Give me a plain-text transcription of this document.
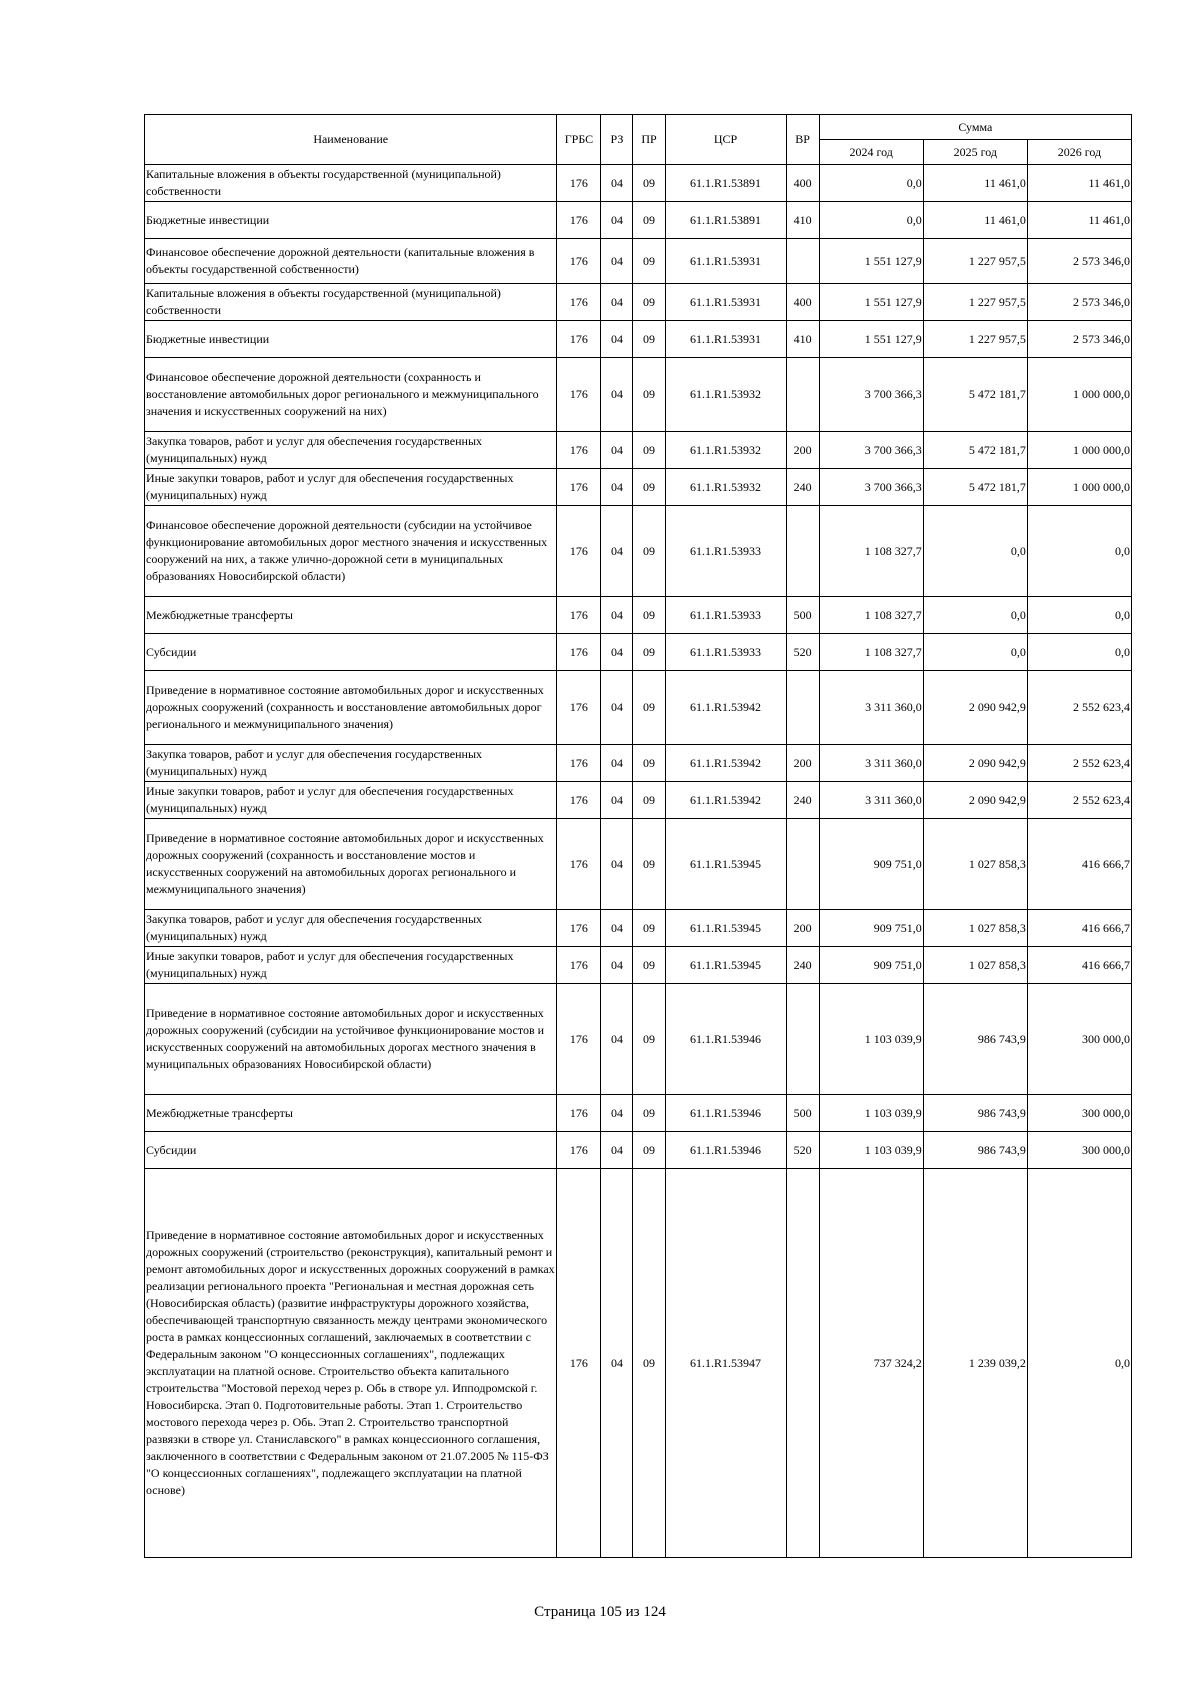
Наименование	ГРБС	РЗ	ПР	ЦСР	ВР	Сумма		
						2024 год	2025 год	2026 год
Капитальные вложения в объекты государственной (муниципальной) собственности	176	04	09	61.1.R1.53891	400	0,0	11 461,0	11 461,0
Бюджетные инвестиции	176	04	09	61.1.R1.53891	410	0,0	11 461,0	11 461,0
Финансовое обеспечение дорожной деятельности (капитальные вложения в объекты государственной собственности)	176	04	09	61.1.R1.53931		1 551 127,9	1 227 957,5	2 573 346,0
Капитальные вложения в объекты государственной (муниципальной) собственности	176	04	09	61.1.R1.53931	400	1 551 127,9	1 227 957,5	2 573 346,0
Бюджетные инвестиции	176	04	09	61.1.R1.53931	410	1 551 127,9	1 227 957,5	2 573 346,0
Финансовое обеспечение дорожной деятельности (сохранность и восстановление автомобильных дорог регионального и межмуниципального значения и искусственных сооружений на них)	176	04	09	61.1.R1.53932		3 700 366,3	5 472 181,7	1 000 000,0
Закупка товаров, работ и услуг для обеспечения государственных (муниципальных) нужд	176	04	09	61.1.R1.53932	200	3 700 366,3	5 472 181,7	1 000 000,0
Иные закупки товаров, работ и услуг для обеспечения государственных (муниципальных) нужд	176	04	09	61.1.R1.53932	240	3 700 366,3	5 472 181,7	1 000 000,0
Финансовое обеспечение дорожной деятельности (субсидии на устойчивое функционирование автомобильных дорог местного значения и искусственных сооружений на них, а также улично-дорожной сети в муниципальных образованиях Новосибирской области)	176	04	09	61.1.R1.53933		1 108 327,7	0,0	0,0
Межбюджетные трансферты	176	04	09	61.1.R1.53933	500	1 108 327,7	0,0	0,0
Субсидии	176	04	09	61.1.R1.53933	520	1 108 327,7	0,0	0,0
Приведение в нормативное состояние автомобильных дорог и искусственных дорожных сооружений (сохранность и восстановление автомобильных дорог регионального и межмуниципального значения)	176	04	09	61.1.R1.53942		3 311 360,0	2 090 942,9	2 552 623,4
Закупка товаров, работ и услуг для обеспечения государственных (муниципальных) нужд	176	04	09	61.1.R1.53942	200	3 311 360,0	2 090 942,9	2 552 623,4
Иные закупки товаров, работ и услуг для обеспечения государственных (муниципальных) нужд	176	04	09	61.1.R1.53942	240	3 311 360,0	2 090 942,9	2 552 623,4
Приведение в нормативное состояние автомобильных дорог и искусственных дорожных сооружений (сохранность и восстановление мостов и искусственных сооружений на автомобильных дорогах регионального и межмуниципального значения)	176	04	09	61.1.R1.53945		909 751,0	1 027 858,3	416 666,7
Закупка товаров, работ и услуг для обеспечения государственных (муниципальных) нужд	176	04	09	61.1.R1.53945	200	909 751,0	1 027 858,3	416 666,7
Иные закупки товаров, работ и услуг для обеспечения государственных (муниципальных) нужд	176	04	09	61.1.R1.53945	240	909 751,0	1 027 858,3	416 666,7
Приведение в нормативное состояние автомобильных дорог и искусственных дорожных сооружений (субсидии на устойчивое функционирование мостов и искусственных сооружений на автомобильных дорогах местного значения в муниципальных образованиях Новосибирской области)	176	04	09	61.1.R1.53946		1 103 039,9	986 743,9	300 000,0
Межбюджетные трансферты	176	04	09	61.1.R1.53946	500	1 103 039,9	986 743,9	300 000,0
Субсидии	176	04	09	61.1.R1.53946	520	1 103 039,9	986 743,9	300 000,0
Приведение в нормативное состояние автомобильных дорог и искусственных дорожных сооружений (строительство (реконструкция), капитальный ремонт и ремонт автомобильных дорог и искусственных дорожных сооружений в рамках реализации регионального проекта "Региональная и местная дорожная сеть (Новосибирская область) (развитие инфраструктуры дорожного хозяйства, обеспечивающей транспортную связанность между центрами экономического роста в рамках концессионных соглашений, заключаемых в соответствии с Федеральным законом "О концессионных соглашениях", подлежащих эксплуатации на платной основе. Строительство объекта капитального строительства "Мостовой переход через р. Обь в створе ул. Ипподромской г. Новосибирска. Этап 0. Подготовительные работы. Этап 1. Строительство мостового перехода через р. Обь. Этап 2. Строительство транспортной развязки в створе ул. Станиславского" в рамках концессионного соглашения, заключенного в соответствии с Федеральным законом от 21.07.2005 № 115-ФЗ "О концессионных соглашениях", подлежащего эксплуатации на платной основе)	176	04	09	61.1.R1.53947		737 324,2	1 239 039,2	0,0
Страница 105 из 124
